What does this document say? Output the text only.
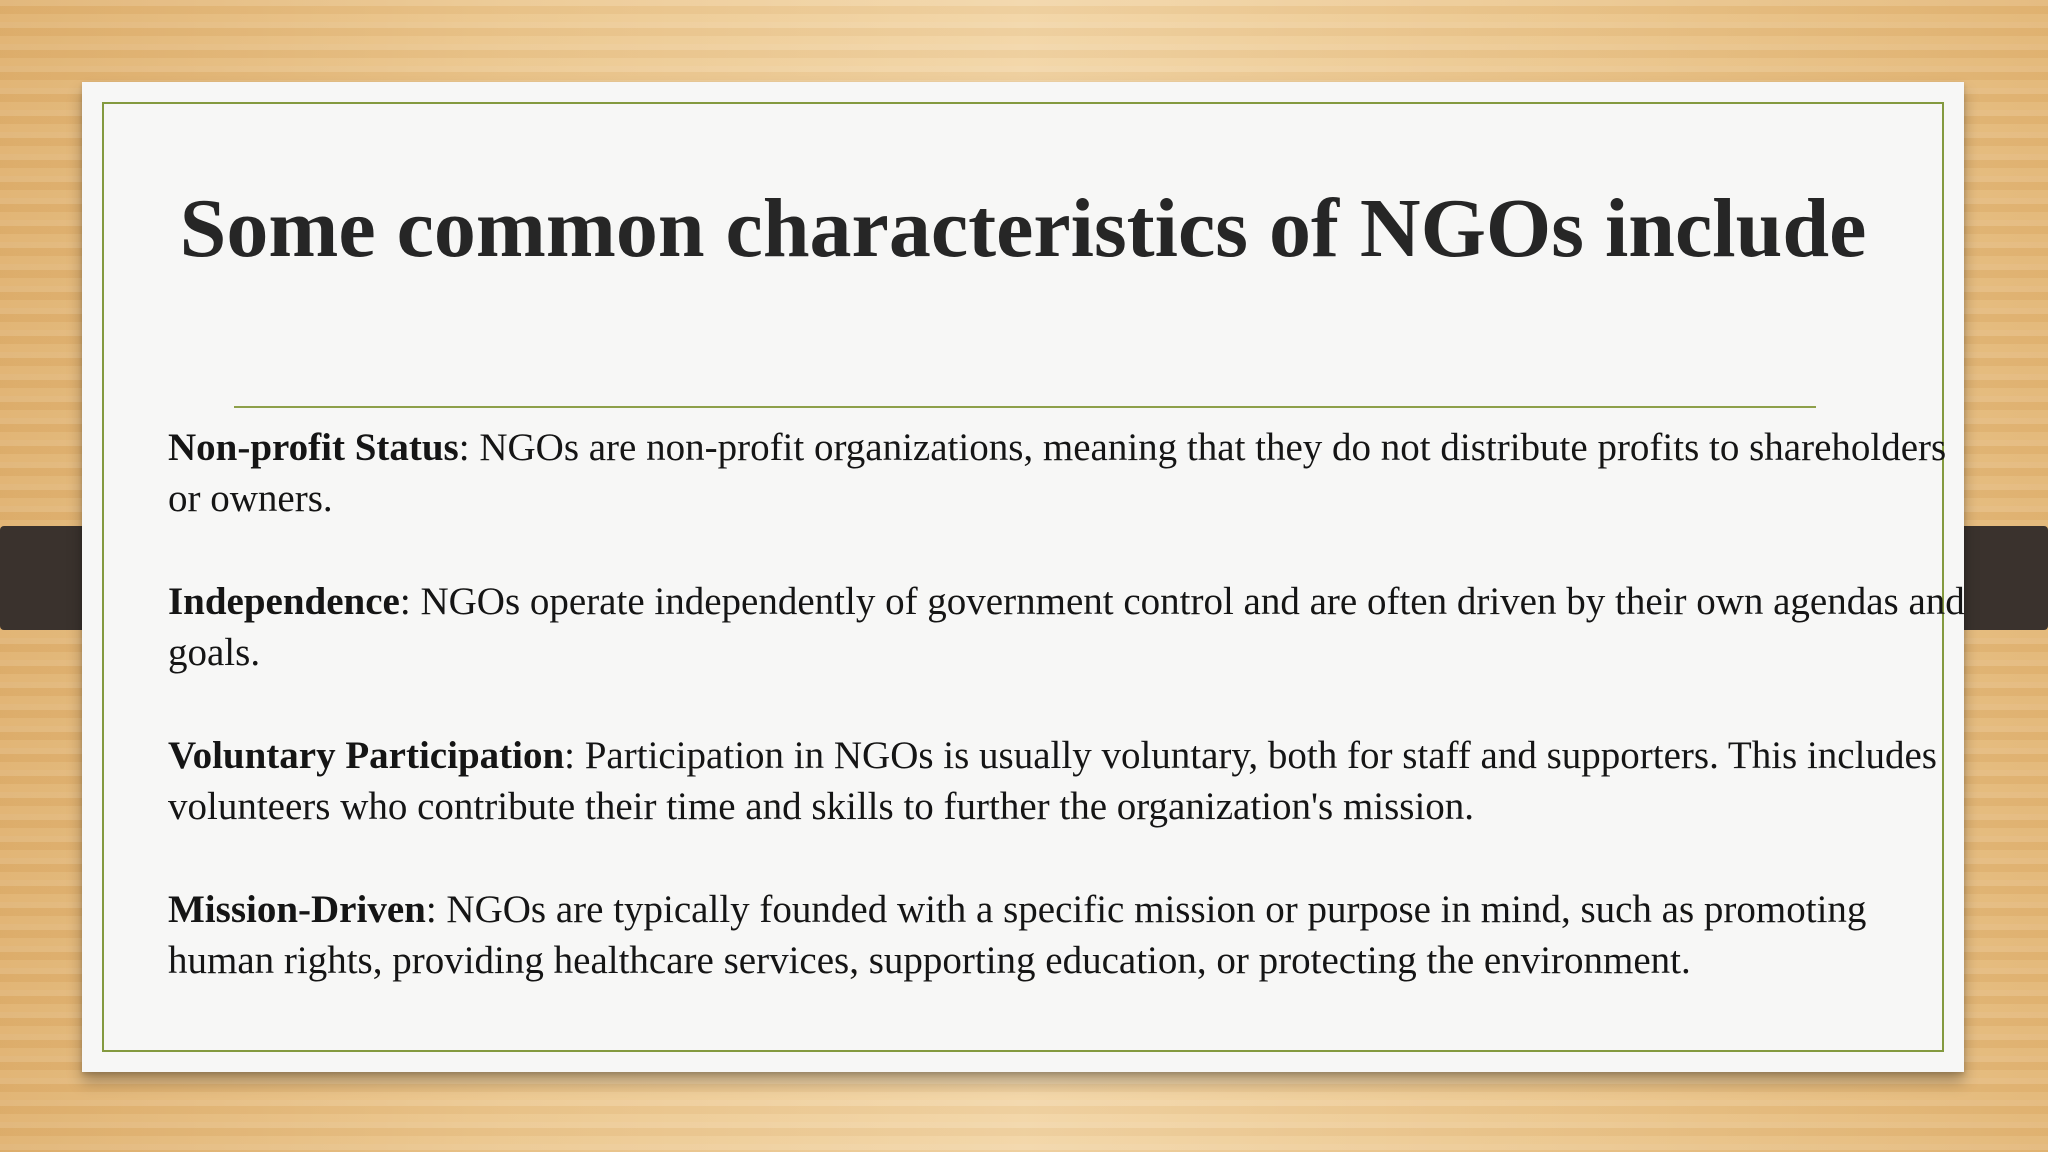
Some common characteristics of NGOs include

Non-profit Status: NGOs are non-profit organizations, meaning that they do not distribute profits to shareholders or owners.

Independence: NGOs operate independently of government control and are often driven by their own agendas and goals.

Voluntary Participation: Participation in NGOs is usually voluntary, both for staff and supporters. This includes volunteers who contribute their time and skills to further the organization's mission.

Mission-Driven: NGOs are typically founded with a specific mission or purpose in mind, such as promoting human rights, providing healthcare services, supporting education, or protecting the environment.
